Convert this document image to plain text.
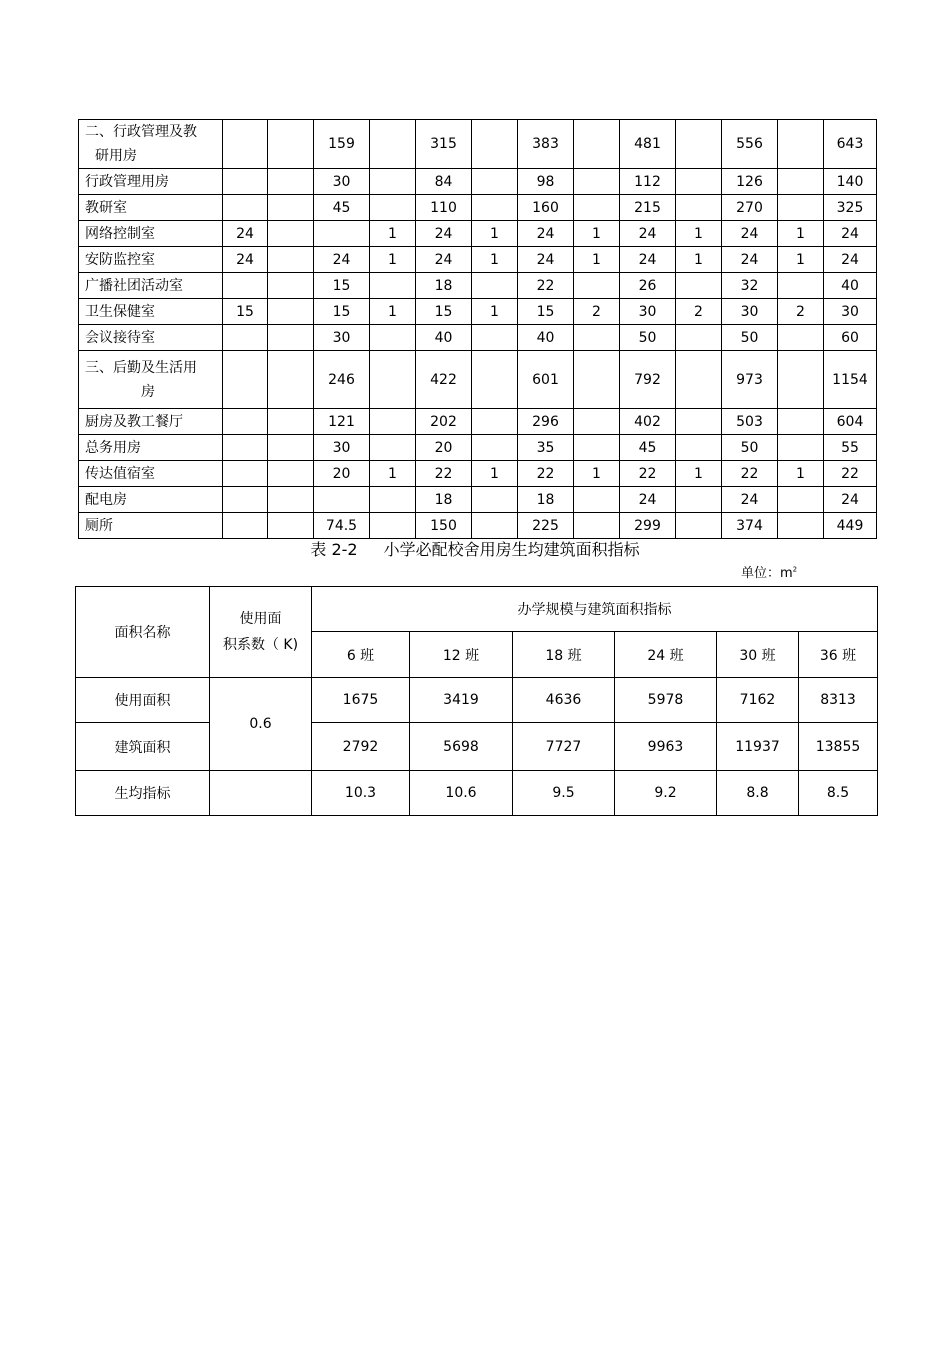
二、行政管理及教
研用房			159		315		383		481		556		643
行政管理用房			30		84		98		112		126		140
教研室			45		110		160		215		270		325
网络控制室	24			1	24	1	24	1	24	1	24	1	24
安防监控室	24		24	1	24	1	24	1	24	1	24	1	24
广播社团活动室			15		18		22		26		32		40
卫生保健室	15		15	1	15	1	15	2	30	2	30	2	30
会议接待室			30		40		40		50		50		60
三、后勤及生活用
房			246		422		601		792		973		1154
厨房及教工餐厅			121		202		296		402		503		604
总务用房			30		20		35		45		50		55
传达值宿室			20	1	22	1	22	1	22	1	22	1	22
配电房					18		18		24		24		24
厕所			74.5		150		225		299		374		449
表 2-2 小学必配校舍用房生均建筑面积指标
单位：$m^2$
面积名称	使用面
积系数（ K)	办学规模与建筑面积指标					
		6 班	12 班	18 班	24 班	30 班	36 班
使用面积	0.6	1675	3419	4636	5978	7162	8313
建筑面积		2792	5698	7727	9963	11937	13855
生均指标		10.3	10.6	9.5	9.2	8.8	8.5
